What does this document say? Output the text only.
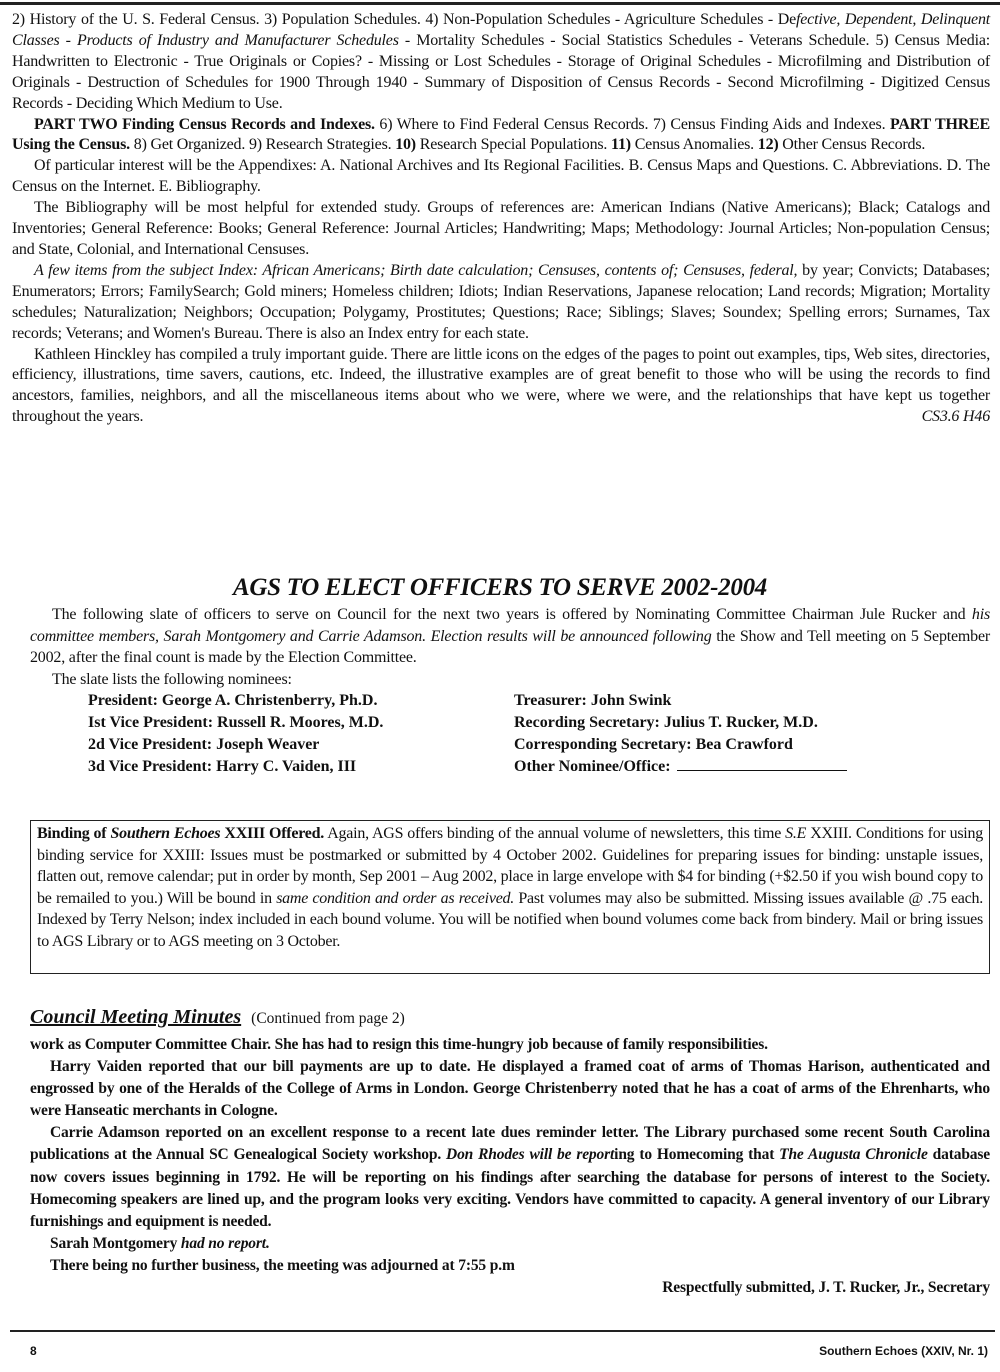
2) History of the U. S. Federal Census. 3) Population Schedules. 4) Non-Population Schedules - Agriculture Schedules - Defective, Dependent, Delinquent Classes - Products of Industry and Manufacturer Schedules - Mortality Schedules - Social Statistics Schedules - Veterans Schedule. 5) Census Media: Handwritten to Electronic - True Originals or Copies? - Missing or Lost Schedules - Storage of Original Schedules - Microfilming and Distribution of Originals - Destruction of Schedules for 1900 Through 1940 - Summary of Disposition of Census Records - Second Microfilming - Digitized Census Records - Deciding Which Medium to Use.

PART TWO Finding Census Records and Indexes. 6) Where to Find Federal Census Records. 7) Census Finding Aids and Indexes. PART THREE Using the Census. 8) Get Organized. 9) Research Strategies. 10) Research Special Populations. 11) Census Anomalies. 12) Other Census Records.

Of particular interest will be the Appendixes: A. National Archives and Its Regional Facilities. B. Census Maps and Questions. C. Abbreviations. D. The Census on the Internet. E. Bibliography.

The Bibliography will be most helpful for extended study. Groups of references are: American Indians (Native Americans); Black; Catalogs and Inventories; General Reference: Books; General Reference: Journal Articles; Handwriting; Maps; Methodology: Journal Articles; Non-population Census; and State, Colonial, and International Censuses.

A few items from the subject Index: African Americans; Birth date calculation; Censuses, contents of; Censuses, federal, by year; Convicts; Databases; Enumerators; Errors; FamilySearch; Gold miners; Homeless children; Idiots; Indian Reservations, Japanese relocation; Land records; Migration; Mortality schedules; Naturalization; Neighbors; Occupation; Polygamy, Prostitutes; Questions; Race; Siblings; Slaves; Soundex; Spelling errors; Surnames, Tax records; Veterans; and Women's Bureau. There is also an Index entry for each state.

Kathleen Hinckley has compiled a truly important guide. There are little icons on the edges of the pages to point out examples, tips, Web sites, directories, efficiency, illustrations, time savers, cautions, etc. Indeed, the illustrative examples are of great benefit to those who will be using the records to find ancestors, families, neighbors, and all the miscellaneous items about who we were, where we were, and the relationships that have kept us together throughout the years.	CS3.6 H46

AGS TO ELECT OFFICERS TO SERVE 2002-2004

The following slate of officers to serve on Council for the next two years is offered by Nominating Committee Chairman Jule Rucker and his committee members, Sarah Montgomery and Carrie Adamson. Election results will be announced following the Show and Tell meeting on 5 September 2002, after the final count is made by the Election Committee.

The slate lists the following nominees:

President: George A. Christenberry, Ph.D.
Ist Vice President: Russell R. Moores, M.D.
2d Vice President: Joseph Weaver
3d Vice President: Harry C. Vaiden, III
Treasurer: John Swink
Recording Secretary: Julius T. Rucker, M.D.
Corresponding Secretary: Bea Crawford
Other Nominee/Office:
Binding of Southern Echoes XXIII Offered. Again, AGS offers binding of the annual volume of newsletters, this time S.E XXIII. Conditions for using binding service for XXIII: Issues must be postmarked or submitted by 4 October 2002. Guidelines for preparing issues for binding: unstaple issues, flatten out, remove calendar; put in order by month, Sep 2001 – Aug 2002, place in large envelope with $4 for binding (+$2.50 if you wish bound copy to be remailed to you.) Will be bound in same condition and order as received. Past volumes may also be submitted. Missing issues available @ .75 each. Indexed by Terry Nelson; index included in each bound volume. You will be notified when bound volumes come back from bindery. Mail or bring issues to AGS Library or to AGS meeting on 3 October.
Council Meeting Minutes (Continued from page 2)

work as Computer Committee Chair. She has had to resign this time-hungry job because of family responsibilities.

Harry Vaiden reported that our bill payments are up to date. He displayed a framed coat of arms of Thomas Harison, authenticated and engrossed by one of the Heralds of the College of Arms in London. George Christenberry noted that he has a coat of arms of the Ehrenharts, who were Hanseatic merchants in Cologne.

Carrie Adamson reported on an excellent response to a recent late dues reminder letter. The Library purchased some recent South Carolina publications at the Annual SC Genealogical Society workshop. Don Rhodes will be reporting to Homecoming that The Augusta Chronicle database now covers issues beginning in 1792. He will be reporting on his findings after searching the database for persons of interest to the Society. Homecoming speakers are lined up, and the program looks very exciting. Vendors have committed to capacity. A general inventory of our Library furnishings and equipment is needed.

Sarah Montgomery had no report.

There being no further business, the meeting was adjourned at 7:55 p.m

Respectfully submitted, J. T. Rucker, Jr., Secretary

8	Southern Echoes (XXIV, Nr. 1)
